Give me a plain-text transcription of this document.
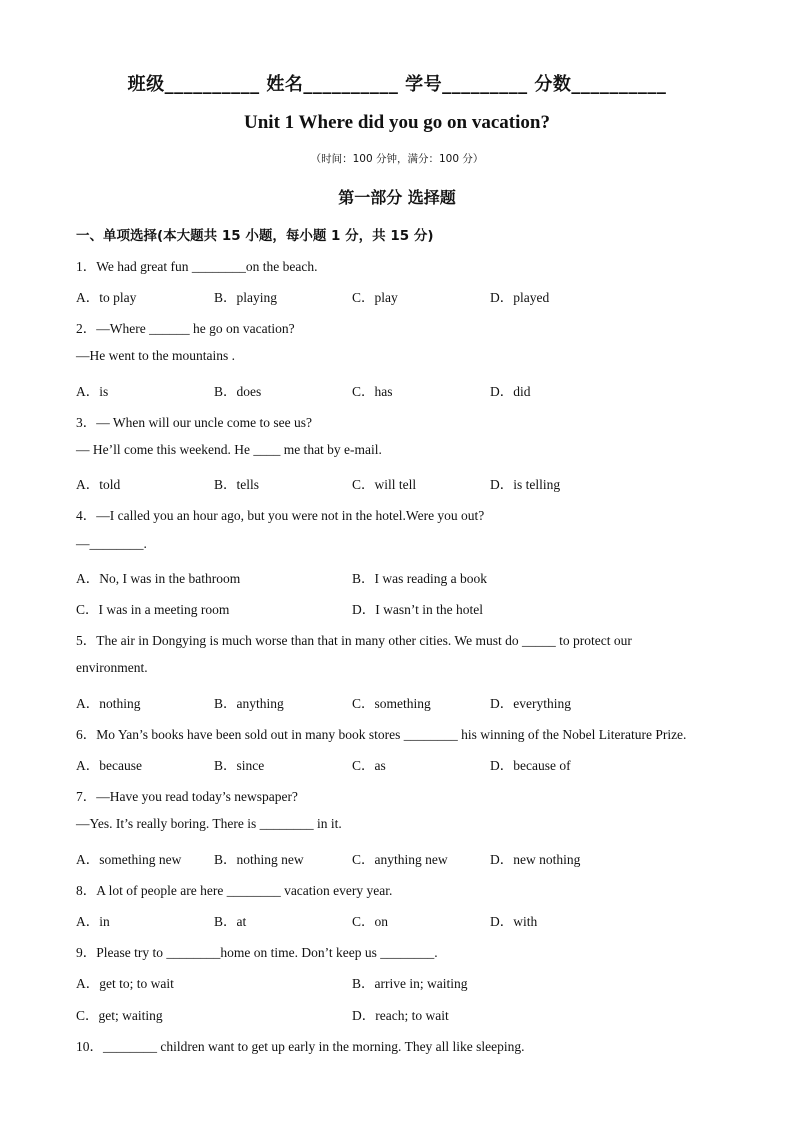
班级__________ 姓名__________ 学号_________ 分数__________
Unit 1 Where did you go on vacation?
（时间：100 分钟，满分：100 分）
第一部分 选择题
一、单项选择(本大题共 15 小题，每小题 1 分，共 15 分)
1．We had great fun ________on the beach.
A．to play	B．playing	C．play	D．played
2．—Where ______ he go on vacation?
—He went to the mountains .
A．is	B．does	C．has	D．did
3．— When will our uncle come to see us?
— He’ll come this weekend. He ____ me that by e-mail.
A．told	B．tells	C．will tell	D．is telling
4．—I called you an hour ago, but you were not in the hotel.Were you out?
—________.
A．No, I was in the bathroom	B．I was reading a book
C．I was in a meeting room	D．I wasn’t in the hotel
5．The air in Dongying is much worse than that in many other cities. We must do _____ to protect our
environment.
A．nothing	B．anything	C．something	D．everything
6．Mo Yan’s books have been sold out in many book stores ________ his winning of the Nobel Literature Prize.
A．because	B．since	C．as	D．because of
7．—Have you read today’s newspaper?
—Yes. It’s really boring. There is ________ in it.
A．something new B．nothing new	C．anything new	D．new nothing
8．A lot of people are here ________ vacation every year.
A．in	B．at	C．on	D．with
9．Please try to ________home on time. Don’t keep us ________.
A．get to; to wait	B．arrive in; waiting
C．get; waiting	D．reach; to wait
10．________ children want to get up early in the morning. They all like sleeping.
